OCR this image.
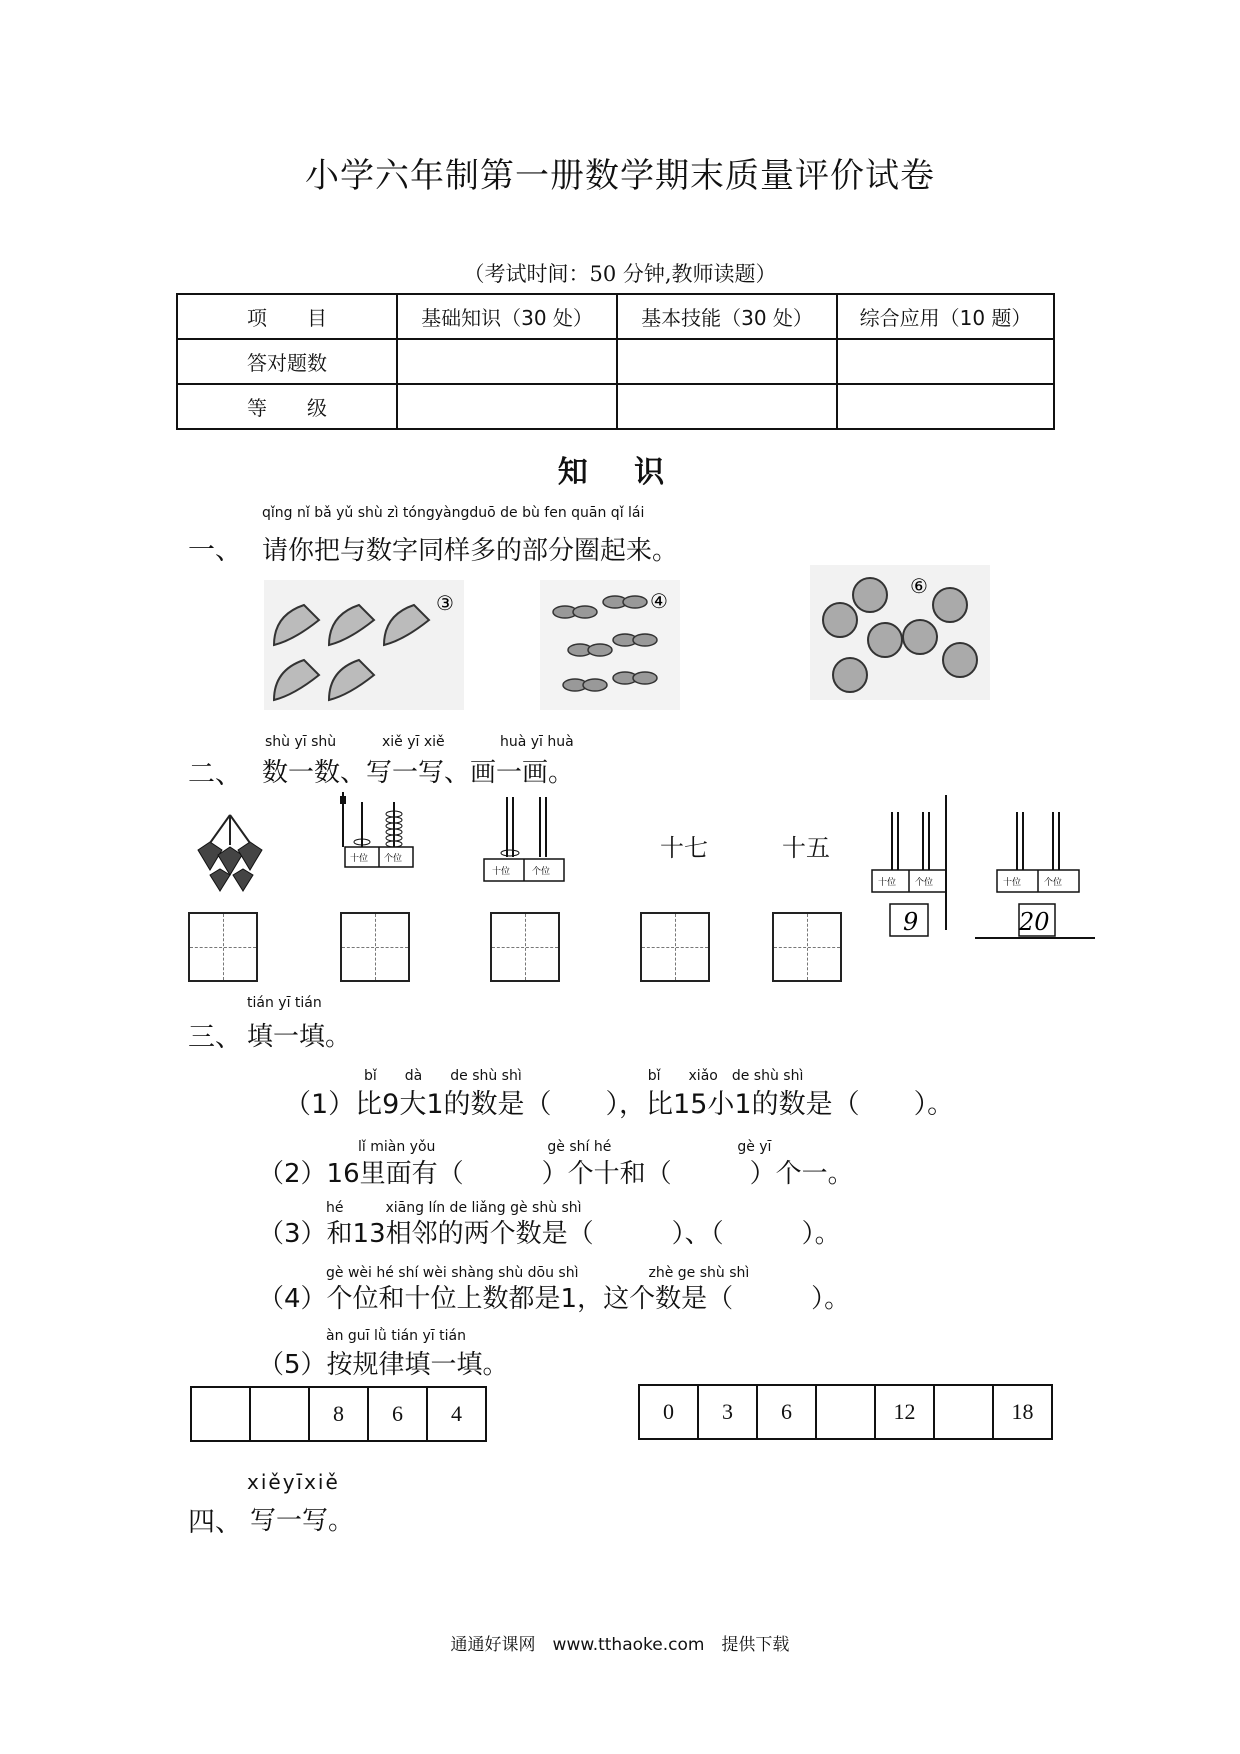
小学六年制第一册数学期末质量评价试卷
（考试时间：50 分钟,教师读题）
项　　目	基础知识（30 处）	基本技能（30 处）	综合应用（10 题）
答对题数			
等　　级			
知 识
qǐng nǐ bǎ yǔ shù zì tóngyàngduō de bù fen quān qǐ lái
一、 请你把与数字同样多的部分圈起来。
③	④
⑥
shù yī shù	xiě yī xiě	huà yī huà
二、 数一数、写一写、画一画。
十位 个位
十位 个位
十七	十五
十位 个位
9
十位	个位
20
tián yī tián
三、 填一填。
bǐ　　dà　　de shù shì　　　　　　　　　bǐ　　xiǎo　de shù shì
（1）比9大1的数是（　　），比15小1的数是（　　）。
lǐ miàn yǒu　　　　　　　　gè shí hé　　　　　　　　　gè yī
（2）16里面有（　　　）个十和（　　　）个一。
hé　　　xiāng lín de liǎng gè shù shì
（3）和13相邻的两个数是（　　　）、（　　　）。
gè wèi hé shí wèi shàng shù dōu shì　　　　　zhè ge shù shì
（4）个位和十位上数都是1，这个数是（　　　）。
àn guī lǜ tián yī tián
（5）按规律填一填。
		8	6	4	0	3	6		12		18
xiěyīxiě
四、 写一写。
通通好课网　www.tthaoke.com　提供下载
